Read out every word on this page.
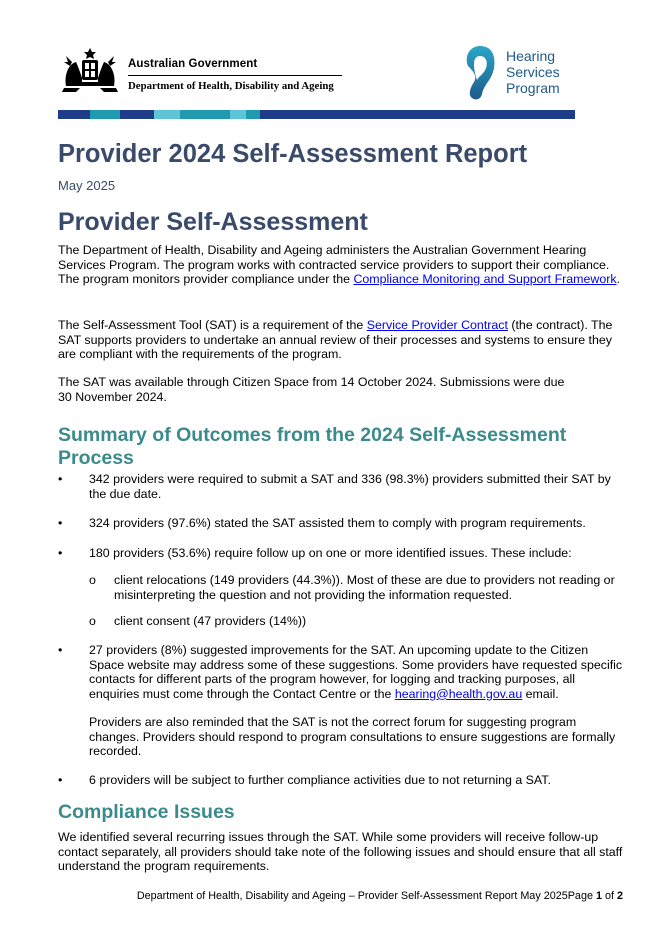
Australian Government
Department of Health, Disability and Ageing
Hearing
Services
Program
Provider 2024 Self-Assessment Report
May 2025
Provider Self-Assessment

The Department of Health, Disability and Ageing administers the Australian Government Hearing Services Program. The program works with contracted service providers to support their compliance. The program monitors provider compliance under the Compliance Monitoring and Support Framework.

The Self-Assessment Tool (SAT) is a requirement of the Service Provider Contract (the contract). The SAT supports providers to undertake an annual review of their processes and systems to ensure they are compliant with the requirements of the program.

The SAT was available through Citizen Space from 14 October 2024. Submissions were due 30 November 2024.

Summary of Outcomes from the 2024 Self-Assessment
Process
•	342 providers were required to submit a SAT and 336 (98.3%) providers submitted their SAT by the due date.
•	324 providers (97.6%) stated the SAT assisted them to comply with program requirements.
•	180 providers (53.6%) require follow up on one or more identified issues. These include:
o client relocations (149 providers (44.3%)). Most of these are due to providers not reading or misinterpreting the question and not providing the information requested.
o client consent (47 providers (14%))
•	27 providers (8%) suggested improvements for the SAT. An upcoming update to the Citizen Space website may address some of these suggestions. Some providers have requested specific contacts for different parts of the program however, for logging and tracking purposes, all enquiries must come through the Contact Centre or the hearing@health.gov.au email.
Providers are also reminded that the SAT is not the correct forum for suggesting program changes. Providers should respond to program consultations to ensure suggestions are formally recorded.
•	6 providers will be subject to further compliance activities due to not returning a SAT.
Compliance Issues

We identified several recurring issues through the SAT. While some providers will receive follow-up contact separately, all providers should take note of the following issues and should ensure that all staff understand the program requirements.

Department of Health, Disability and Ageing – Provider Self-Assessment Report May 2025Page 1 of 2
